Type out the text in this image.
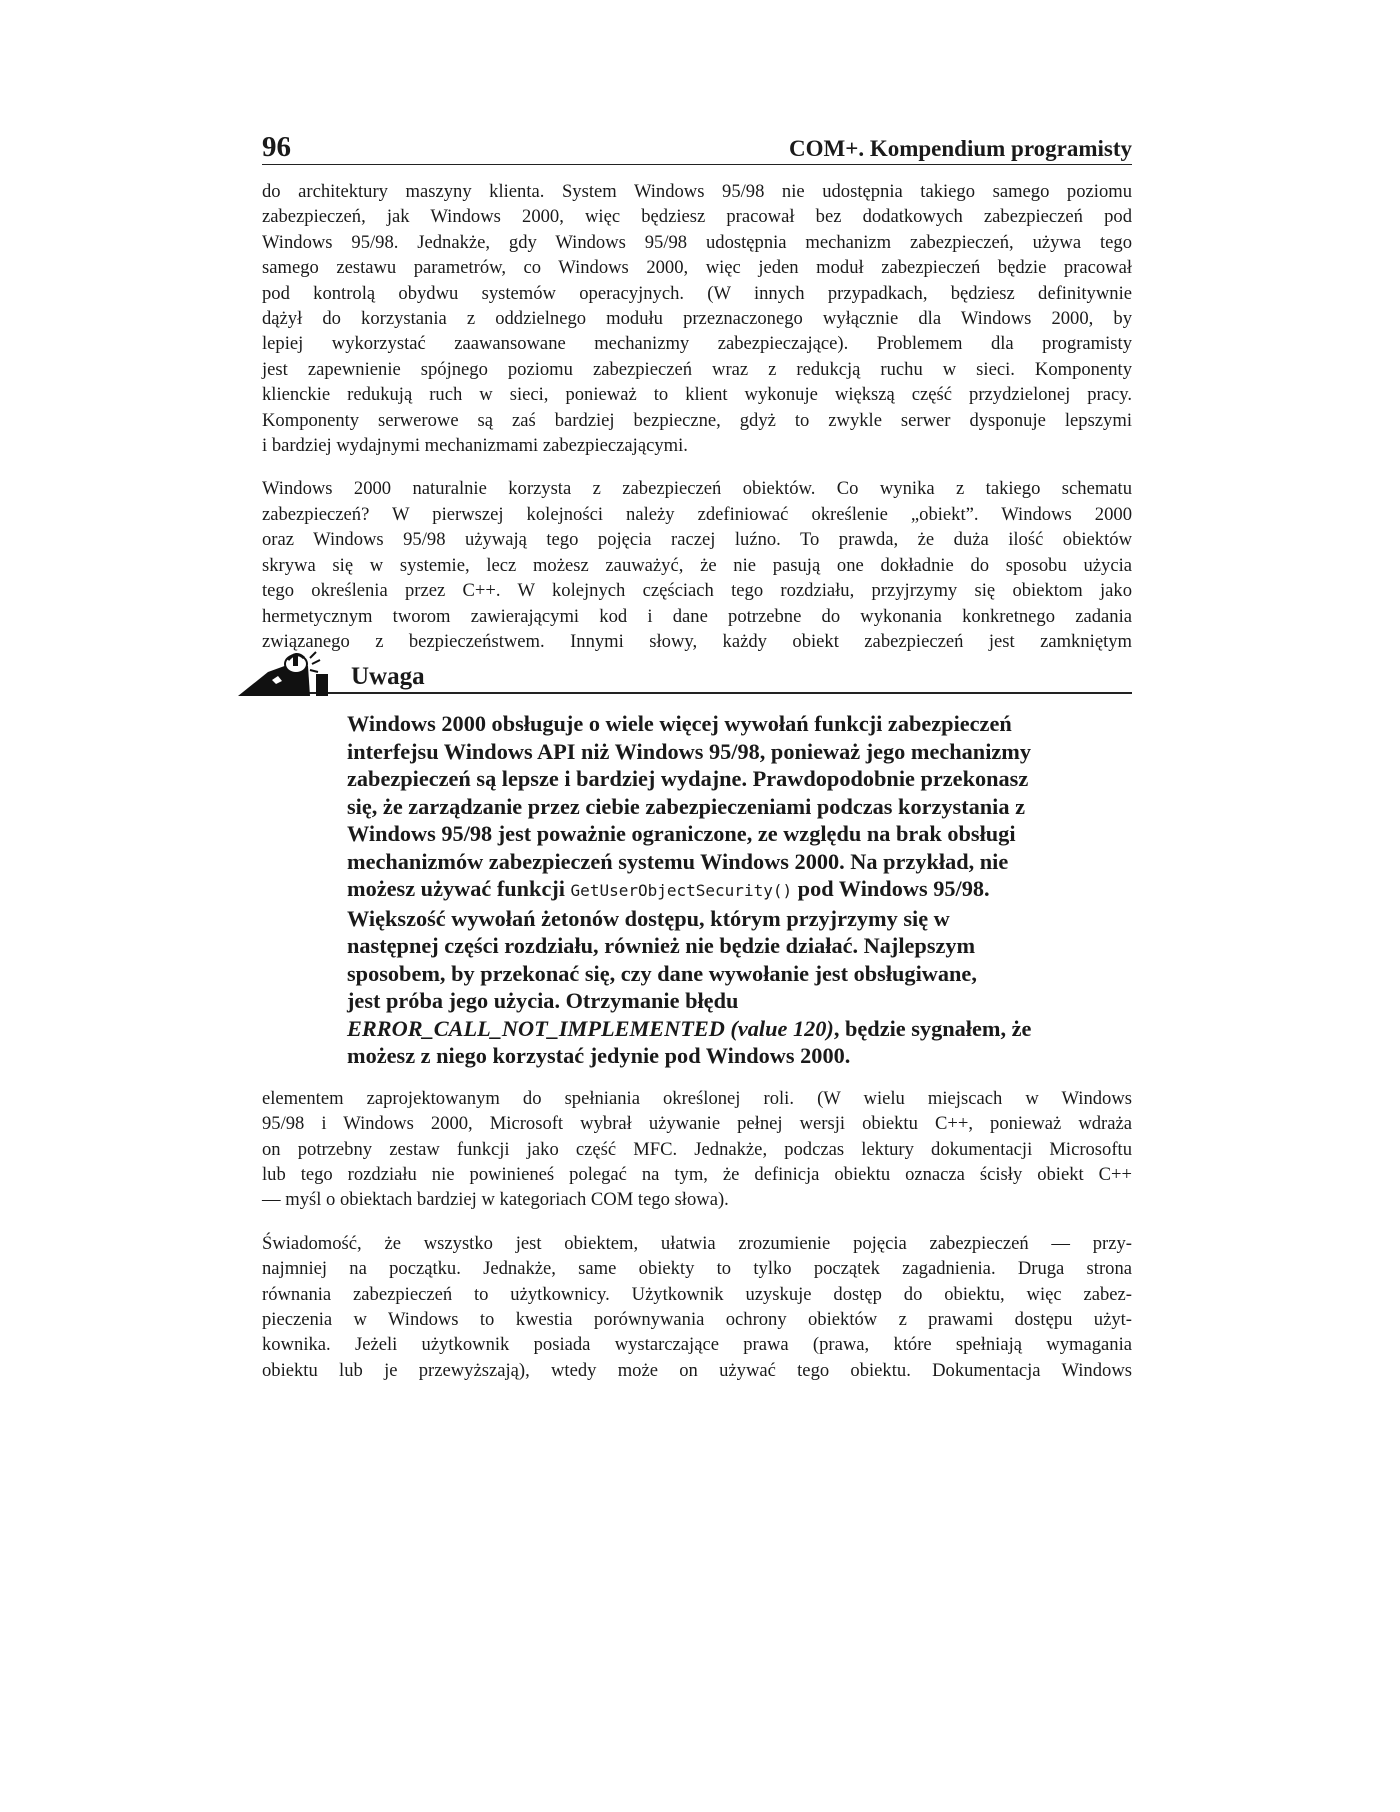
96	COM+. Kompendium programisty

do architektury maszyny klienta. System Windows 95/98 nie udostępnia takiego samego poziomu
zabezpieczeń, jak Windows 2000, więc będziesz pracował bez dodatkowych zabezpieczeń pod
Windows 95/98. Jednakże, gdy Windows 95/98 udostępnia mechanizm zabezpieczeń, używa tego
samego zestawu parametrów, co Windows 2000, więc jeden moduł zabezpieczeń będzie pracował
pod kontrolą obydwu systemów operacyjnych. (W innych przypadkach, będziesz definitywnie
dążył do korzystania z oddzielnego modułu przeznaczonego wyłącznie dla Windows 2000, by
lepiej wykorzystać zaawansowane mechanizmy zabezpieczające). Problemem dla programisty
jest zapewnienie spójnego poziomu zabezpieczeń wraz z redukcją ruchu w sieci. Komponenty
klienckie redukują ruch w sieci, ponieważ to klient wykonuje większą część przydzielonej pracy.
Komponenty serwerowe są zaś bardziej bezpieczne, gdyż to zwykle serwer dysponuje lepszymi
i bardziej wydajnymi mechanizmami zabezpieczającymi.

Windows 2000 naturalnie korzysta z zabezpieczeń obiektów. Co wynika z takiego schematu
zabezpieczeń? W pierwszej kolejności należy zdefiniować określenie „obiekt”. Windows 2000
oraz Windows 95/98 używają tego pojęcia raczej luźno. To prawda, że duża ilość obiektów
skrywa się w systemie, lecz możesz zauważyć, że nie pasują one dokładnie do sposobu użycia
tego określenia przez C++. W kolejnych częściach tego rozdziału, przyjrzymy się obiektom jako
hermetycznym tworom zawierającymi kod i dane potrzebne do wykonania konkretnego zadania
związanego z bezpieczeństwem. Innymi słowy, każdy obiekt zabezpieczeń jest zamkniętym

Uwaga
Windows 2000 obsługuje o wiele więcej wywołań funkcji zabezpieczeń
interfejsu Windows API niż Windows 95/98, ponieważ jego mechanizmy
zabezpieczeń są lepsze i bardziej wydajne. Prawdopodobnie przekonasz
się, że zarządzanie przez ciebie zabezpieczeniami podczas korzystania z
Windows 95/98 jest poważnie ograniczone, ze względu na brak obsługi
mechanizmów zabezpieczeń systemu Windows 2000. Na przykład, nie
możesz używać funkcji GetUserObjectSecurity() pod Windows 95/98.
Większość wywołań żetonów dostępu, którym przyjrzymy się w
następnej części rozdziału, również nie będzie działać. Najlepszym
sposobem, by przekonać się, czy dane wywołanie jest obsługiwane,
jest próba jego użycia. Otrzymanie błędu
ERROR_CALL_NOT_IMPLEMENTED (value 120), będzie sygnałem, że
możesz z niego korzystać jedynie pod Windows 2000.

elementem zaprojektowanym do spełniania określonej roli. (W wielu miejscach w Windows
95/98 i Windows 2000, Microsoft wybrał używanie pełnej wersji obiektu C++, ponieważ wdraża
on potrzebny zestaw funkcji jako część MFC. Jednakże, podczas lektury dokumentacji Microsoftu
lub tego rozdziału nie powinieneś polegać na tym, że definicja obiektu oznacza ścisły obiekt C++
— myśl o obiektach bardziej w kategoriach COM tego słowa).

Świadomość, że wszystko jest obiektem, ułatwia zrozumienie pojęcia zabezpieczeń — przy-
najmniej na początku. Jednakże, same obiekty to tylko początek zagadnienia. Druga strona
równania zabezpieczeń to użytkownicy. Użytkownik uzyskuje dostęp do obiektu, więc zabez-
pieczenia w Windows to kwestia porównywania ochrony obiektów z prawami dostępu użyt-
kownika. Jeżeli użytkownik posiada wystarczające prawa (prawa, które spełniają wymagania
obiektu lub je przewyższają), wtedy może on używać tego obiektu. Dokumentacja Windows
